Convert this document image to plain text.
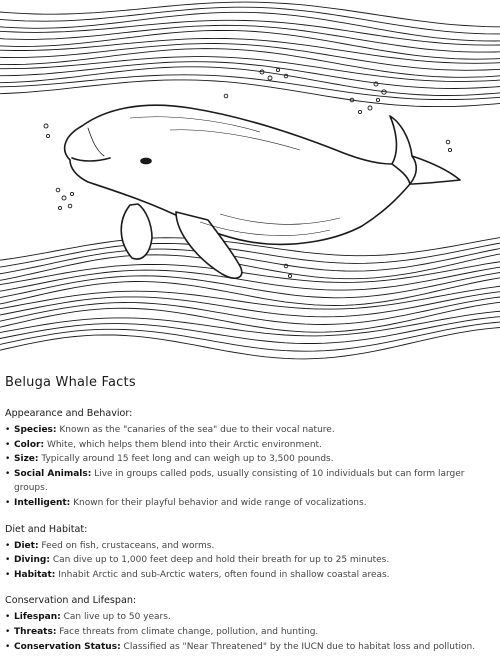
Beluga Whale Facts
Appearance and Behavior:
• Species: Known as the "canaries of the sea" due to their vocal nature.
• Color: White, which helps them blend into their Arctic environment.
• Size: Typically around 15 feet long and can weigh up to 3,500 pounds.
• Social Animals: Live in groups called pods, usually consisting of 10 individuals but can form larger groups.
• Intelligent: Known for their playful behavior and wide range of vocalizations.
Diet and Habitat:
• Diet: Feed on fish, crustaceans, and worms.
• Diving: Can dive up to 1,000 feet deep and hold their breath for up to 25 minutes.
• Habitat: Inhabit Arctic and sub-Arctic waters, often found in shallow coastal areas.
Conservation and Lifespan:
• Lifespan: Can live up to 50 years.
• Threats: Face threats from climate change, pollution, and hunting.
• Conservation Status: Classified as "Near Threatened" by the IUCN due to habitat loss and pollution.
